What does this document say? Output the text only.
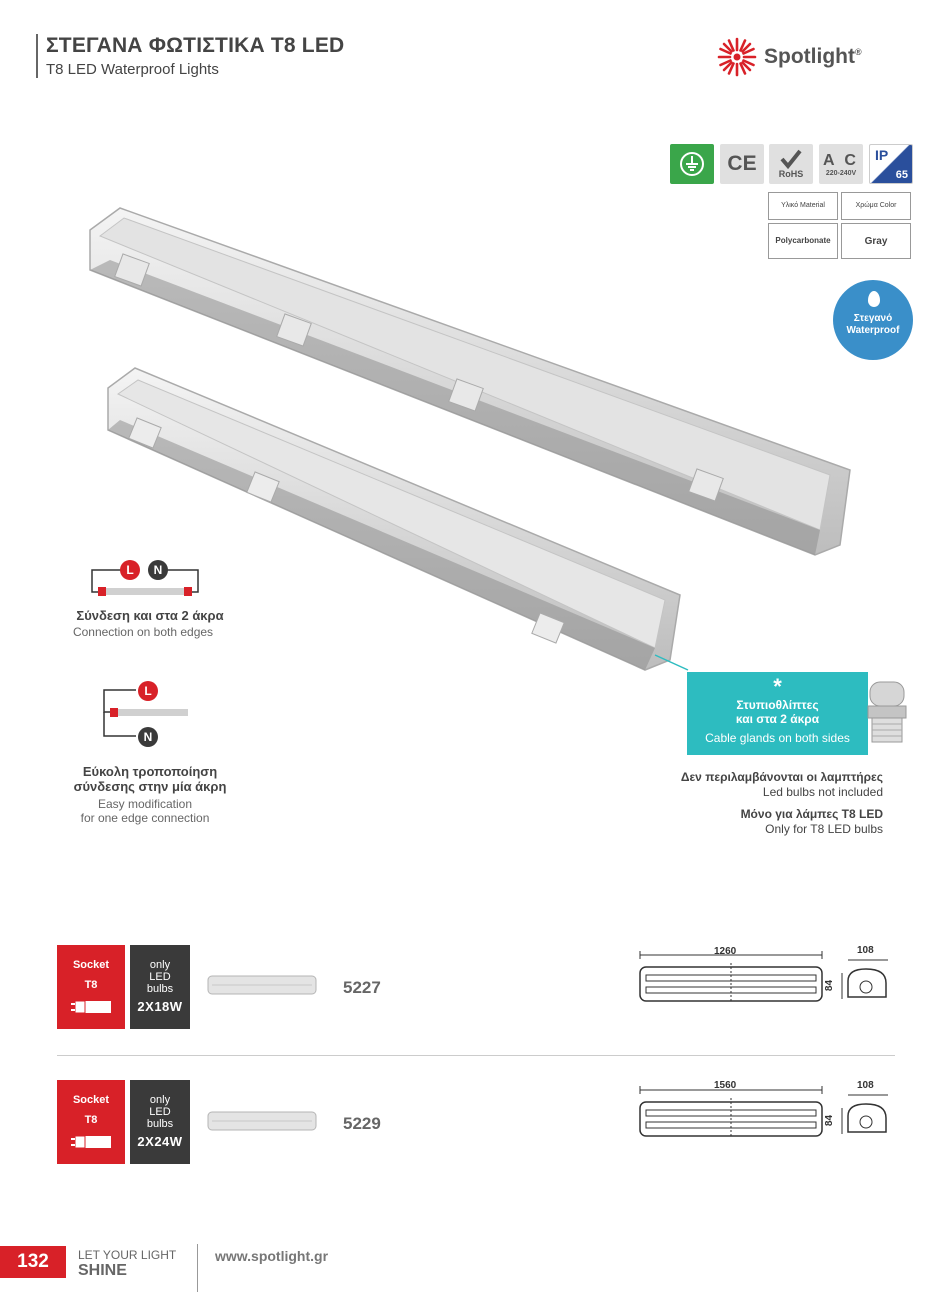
ΣΤΕΓΑΝΑ ΦΩΤΙΣΤΙΚΑ T8 LED
T8 LED Waterproof Lights
Spotlight®
CE	RoHS
A C
220-240V
IP
65
Υλικό Material	Χρώμα Color
Polycarbonate	Gray
Στεγανό
Waterproof
L	N
Σύνδεση και στα 2 άκρα
Connection on both edges
L
N
Εύκολη τροποποίηση
σύνδεσης στην μία άκρη
Easy modification
for one edge connection
*
Στυπιοθλίπτες
και στα 2 άκρα
Cable glands on both sides
Δεν περιλαμβάνονται οι λαμπτήρες
Led bulbs not included
Μόνο για λάμπες T8 LED
Only for T8 LED bulbs
Socket
T8
only
LED
bulbs
2X18W
5227
1260	108
84
Socket
T8
only
LED
bulbs
2X24W
5229
1560	108
84
132	LET YOUR LIGHT
SHINE
www.spotlight.gr
